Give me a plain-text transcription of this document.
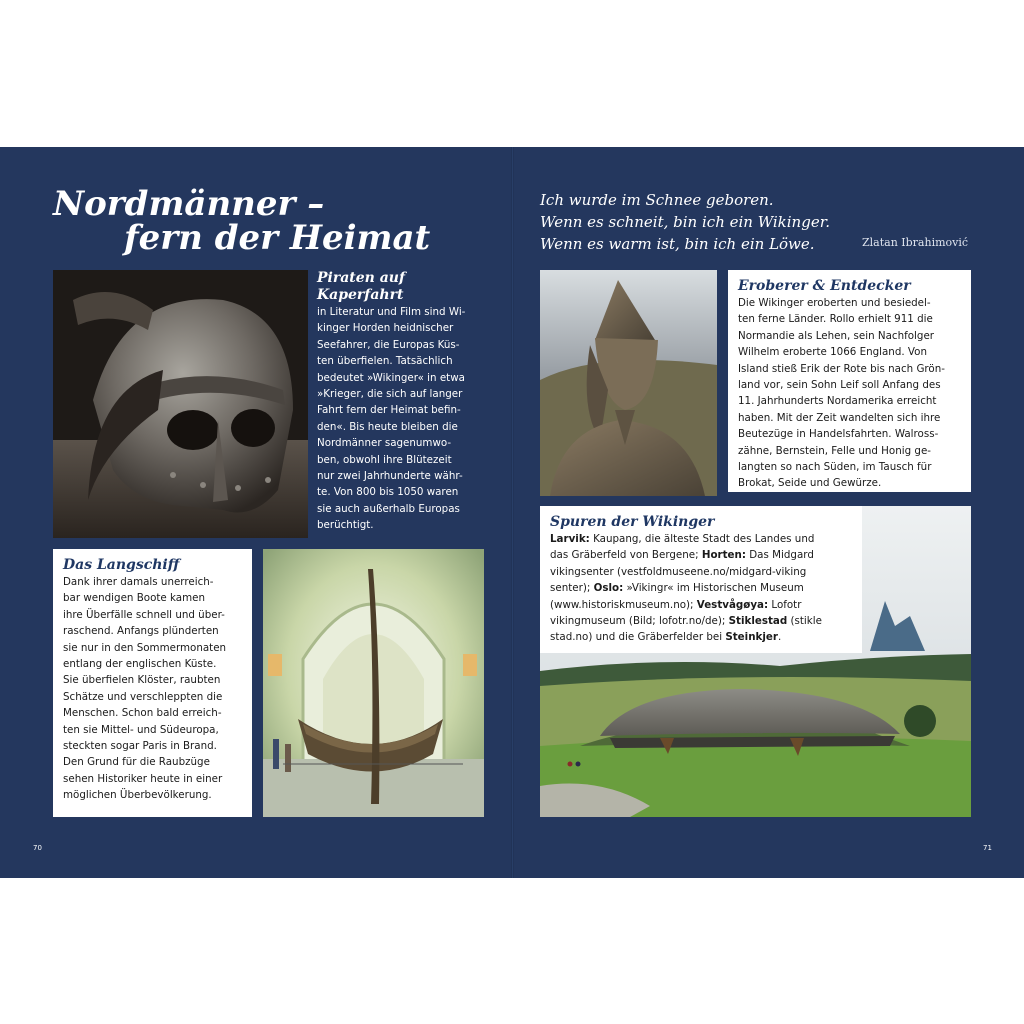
Nordmänner –
fern der Heimat
Piraten auf
Kaperfahrt

in Literatur und Film sind Wi-

kinger Horden heidnischer

Seefahrer, die Europas Küs-

ten überfielen. Tatsächlich

bedeutet »Wikinger« in etwa

»Krieger, die sich auf langer

Fahrt fern der Heimat befin-

den«. Bis heute bleiben die

Nordmänner sagenumwo-

ben, obwohl ihre Blütezeit

nur zwei Jahrhunderte währ-

te. Von 800 bis 1050 waren

sie auch außerhalb Europas

berüchtigt.

Das Langschiff

Dank ihrer damals unerreich-

bar wendigen Boote kamen

ihre Überfälle schnell und über-

raschend. Anfangs plünderten

sie nur in den Sommermonaten

entlang der englischen Küste.

Sie überfielen Klöster, raubten

Schätze und verschleppten die

Menschen. Schon bald erreich-

ten sie Mittel- und Südeuropa,

steckten sogar Paris in Brand.

Den Grund für die Raubzüge

sehen Historiker heute in einer

möglichen Überbevölkerung.

70
Ich wurde im Schnee geboren.
Wenn es schneit, bin ich ein Wikinger.
Wenn es warm ist, bin ich ein Löwe.	Zlatan Ibrahimović
Eroberer & Entdecker

Die Wikinger eroberten und besiedel-

ten ferne Länder. Rollo erhielt 911 die

Normandie als Lehen, sein Nachfolger

Wilhelm eroberte 1066 England. Von

Island stieß Erik der Rote bis nach Grön-

land vor, sein Sohn Leif soll Anfang des

11. Jahrhunderts Nordamerika erreicht

haben. Mit der Zeit wandelten sich ihre

Beutezüge in Handelsfahrten. Walross-

zähne, Bernstein, Felle und Honig ge-

langten so nach Süden, im Tausch für

Brokat, Seide und Gewürze.

Spuren der Wikinger

Larvik: Kaupang, die älteste Stadt des Landes und

das Gräberfeld von Bergene; Horten: Das Midgard

vikingsenter (vestfoldmuseene.no/midgard-viking

senter); Oslo: »Vikingr« im Historischen Museum

(www.historiskmuseum.no); Vestvågøya: Lofotr

vikingmuseum (Bild; lofotr.no/de); Stiklestad (stikle

stad.no) und die Gräberfelder bei Steinkjer.

71
